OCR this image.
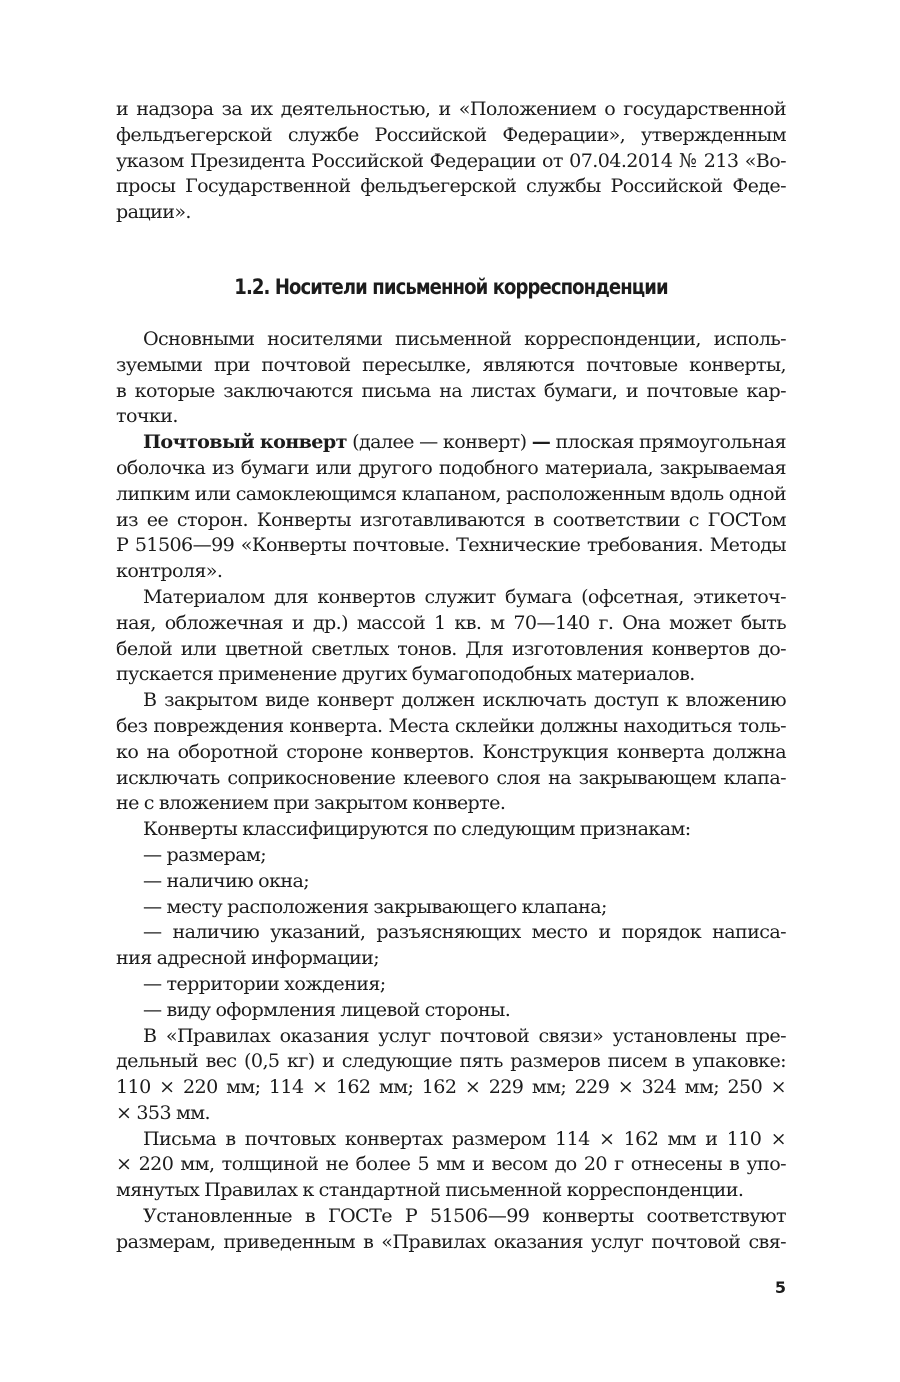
и надзора за их деятельностью, и «Положением о государственной
фельдъегерской службе Российской Федерации», утвержденным
указом Президента Российской Федерации от 07.04.2014 № 213 «Во-
просы Государственной фельдъегерской службы Российской Феде-
рации».
1.2. Носители письменной корреспонденции
Основными носителями письменной корреспонденции, исполь-
зуемыми при почтовой пересылке, являются почтовые конверты,
в которые заключаются письма на листах бумаги, и почтовые кар-
точки.
Почтовый конверт (далее — конверт) — плоская прямоугольная
оболочка из бумаги или другого подобного материала, закрываемая
липким или самоклеющимся клапаном, расположенным вдоль одной
из ее сторон. Конверты изготавливаются в соответствии с ГОСТом
Р 51506—99 «Конверты почтовые. Технические требования. Методы
контроля».
Материалом для конвертов служит бумага (офсетная, этикеточ-
ная, обложечная и др.) массой 1 кв. м 70—140 г. Она может быть
белой или цветной светлых тонов. Для изготовления конвертов до-
пускается применение других бумагоподобных материалов.
В закрытом виде конверт должен исключать доступ к вложению
без повреждения конверта. Места склейки должны находиться толь-
ко на оборотной стороне конвертов. Конструкция конверта должна
исключать соприкосновение клеевого слоя на закрывающем клапа-
не с вложением при закрытом конверте.
Конверты классифицируются по следующим признакам:
— размерам;
— наличию окна;
— месту расположения закрывающего клапана;
— наличию указаний, разъясняющих место и порядок написа-
ния адресной информации;
— территории хождения;
— виду оформления лицевой стороны.
В «Правилах оказания услуг почтовой связи» установлены пре-
дельный вес (0,5 кг) и следующие пять размеров писем в упаковке:
110 × 220 мм; 114 × 162 мм; 162 × 229 мм; 229 × 324 мм; 250 ×
× 353 мм.
Письма в почтовых конвертах размером 114 × 162 мм и 110 ×
× 220 мм, толщиной не более 5 мм и весом до 20 г отнесены в упо-
мянутых Правилах к стандартной письменной корреспонденции.
Установленные в ГОСТе Р 51506—99 конверты соответствуют
размерам, приведенным в «Правилах оказания услуг почтовой свя-
5
